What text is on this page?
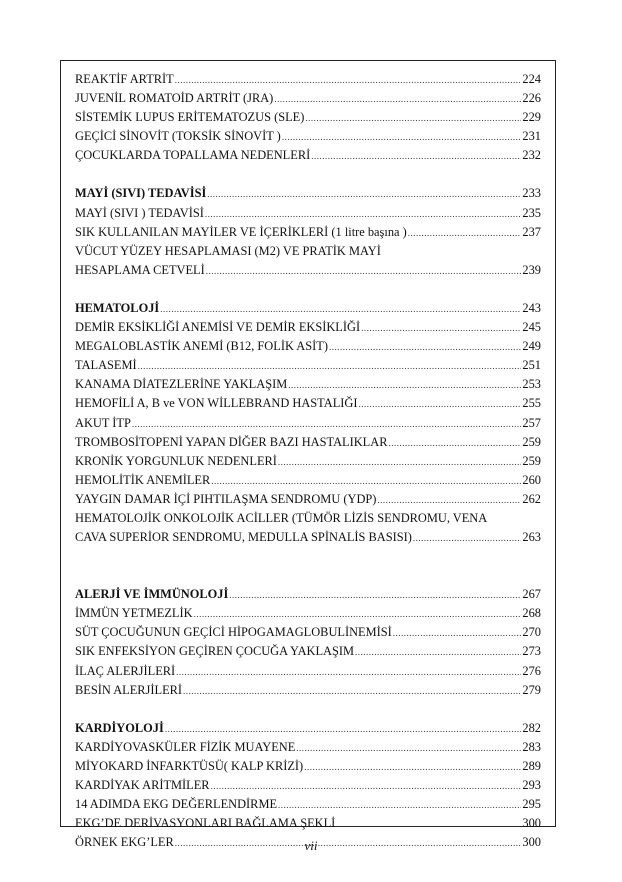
REAKTİF ARTRİT .....	224
JUVENİL ROMATOİD ARTRİT (JRA) .....	226
SİSTEMİK LUPUS ERİTEMATOZUS (SLE) .....	229
GEÇİCİ SİNOVİT (TOKSİK SİNOVİT ) .....	231
ÇOCUKLARDA TOPALLAMA NEDENLERİ .....	232
MAYİ (SIVI) TEDAVİSİ .....	233
MAYİ (SIVI ) TEDAVİSİ .....	235
SIK KULLANILAN MAYİLER VE İÇERİKLERİ (1 litre başına ) .....	237
VÜCUT YÜZEY HESAPLAMASI (M2) VE PRATİK MAYİ
HESAPLAMA CETVELİ .....	239
HEMATOLOJİ .....	243
DEMİR EKSİKLİĞİ ANEMİSİ VE DEMİR EKSİKLİĞİ .....	245
MEGALOBLASTİK ANEMİ (B12, FOLİK ASİT) .....	249
TALASEMİ .....	251
KANAMA DİATEZLERİNE YAKLAŞIM .....	253
HEMOFİLİ A, B ve VON WİLLEBRAND HASTALIĞI .....	255
AKUT İTP .....	257
TROMBOSİTOPENİ YAPAN DİĞER BAZI HASTALIKLAR .....	259
KRONİK YORGUNLUK NEDENLERİ .....	259
HEMOLİTİK ANEMİLER .....	260
YAYGIN DAMAR İÇİ PIHTILAŞMA SENDROMU (YDP) .....	262
HEMATOLOJİK ONKOLOJİK ACİLLER (TÜMÖR LİZİS SENDROMU, VENA
CAVA SUPERİOR SENDROMU, MEDULLA SPİNALİS BASISI) .....	263
ALERJİ VE İMMÜNOLOJİ .....	267
İMMÜN YETMEZLİK .....	268
SÜT ÇOCUĞUNUN GEÇİCİ HİPOGAMAGLOBULİNEMİSİ .....	270
SIK ENFEKSİYON GEÇİREN ÇOCUĞA YAKLAŞIM .....	273
İLAÇ ALERJİLERİ .....	276
BESİN ALERJİLERİ .....	279
KARDİYOLOJİ .....	282
KARDİYOVASKÜLER FİZİK MUAYENE .....	283
MİYOKARD İNFARKTÜSÜ( KALP KRİZİ) .....	289
KARDİYAK ARİTMİLER .....	293
14 ADIMDA EKG DEĞERLENDİRME .....	295
EKG’DE DERİVASYONLARI BAĞLAMA ŞEKLİ .....	300
ÖRNEK EKG’LER .....	300
vii
